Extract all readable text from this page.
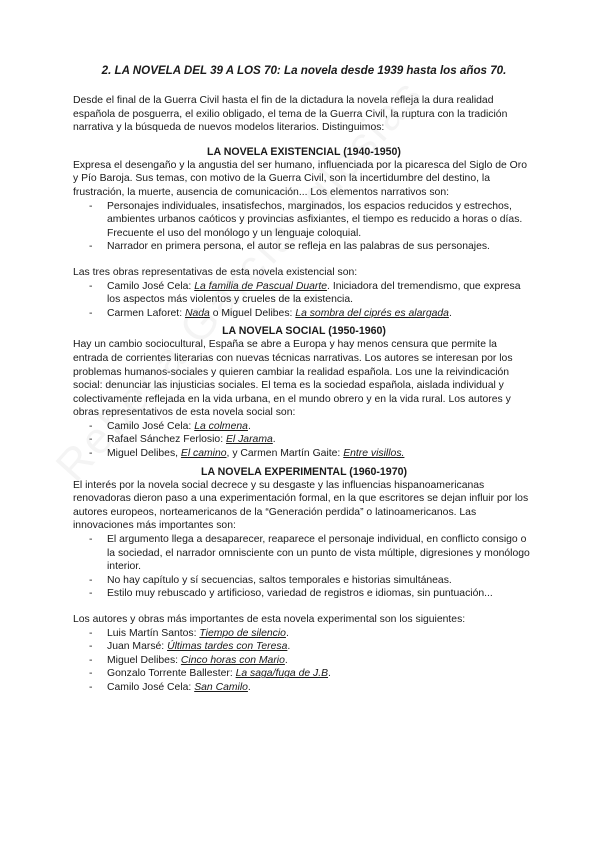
2. LA NOVELA DEL 39 A LOS 70: La novela desde 1939 hasta los años 70.

Desde el final de la Guerra Civil hasta el fin de la dictadura la novela refleja la dura realidad española de posguerra, el exilio obligado, el tema de la Guerra Civil, la ruptura con la tradición narrativa y la búsqueda de nuevos modelos literarios. Distinguimos:

LA NOVELA EXISTENCIAL (1940-1950)

Expresa el desengaño y la angustia del ser humano, influenciada por la picaresca del Siglo de Oro y Pío Baroja. Sus temas, con motivo de la Guerra Civil, son la incertidumbre del destino, la frustración, la muerte, ausencia de comunicación... Los elementos narrativos son:

- Personajes individuales, insatisfechos, marginados, los espacios reducidos y estrechos, ambientes urbanos caóticos y provincias asfixiantes, el tiempo es reducido a horas o días. Frecuente el uso del monólogo y un lenguaje coloquial.
- Narrador en primera persona, el autor se refleja en las palabras de sus personajes.

Las tres obras representativas de esta novela existencial son:

- Camilo José Cela: La familia de Pascual Duarte. Iniciadora del tremendismo, que expresa los aspectos más violentos y crueles de la existencia.
- Carmen Laforet: Nada o Miguel Delibes: La sombra del ciprés es alargada.
LA NOVELA SOCIAL (1950-1960)

Hay un cambio sociocultural, España se abre a Europa y hay menos censura que permite la entrada de corrientes literarias con nuevas técnicas narrativas. Los autores se interesan por los problemas humanos-sociales y quieren cambiar la realidad española. Los une la reivindicación social: denunciar las injusticias sociales. El tema es la sociedad española, aislada individual y colectivamente reflejada en la vida urbana, en el mundo obrero y en la vida rural. Los autores y obras representativos de esta novela social son:

- Camilo José Cela: La colmena.
- Rafael Sánchez Ferlosio: El Jarama.
- Miguel Delibes, El camino, y Carmen Martín Gaite: Entre visillos.
LA NOVELA EXPERIMENTAL (1960-1970)

El interés por la novela social decrece y su desgaste y las influencias hispanoamericanas renovadoras dieron paso a una experimentación formal, en la que escritores se dejan influir por los autores europeos, norteamericanos de la “Generación perdida” o latinoamericanos. Las innovaciones más importantes son:

- El argumento llega a desaparecer, reaparece el personaje individual, en conflicto consigo o la sociedad, el narrador omnisciente con un punto de vista múltiple, digresiones y monólogo interior.
- No hay capítulo y sí secuencias, saltos temporales e historias simultáneas.
- Estilo muy rebuscado y artificioso, variedad de registros e idiomas, sin puntuación...

Los autores y obras más importantes de esta novela experimental son los siguientes:

- Luis Martín Santos: Tiempo de silencio.
- Juan Marsé: Últimas tardes con Teresa.
- Miguel Delibes: Cinco horas con Mario.
- Gonzalo Torrente Ballester: La saga/fuga de J.B.
- Camilo José Cela: San Camilo.
